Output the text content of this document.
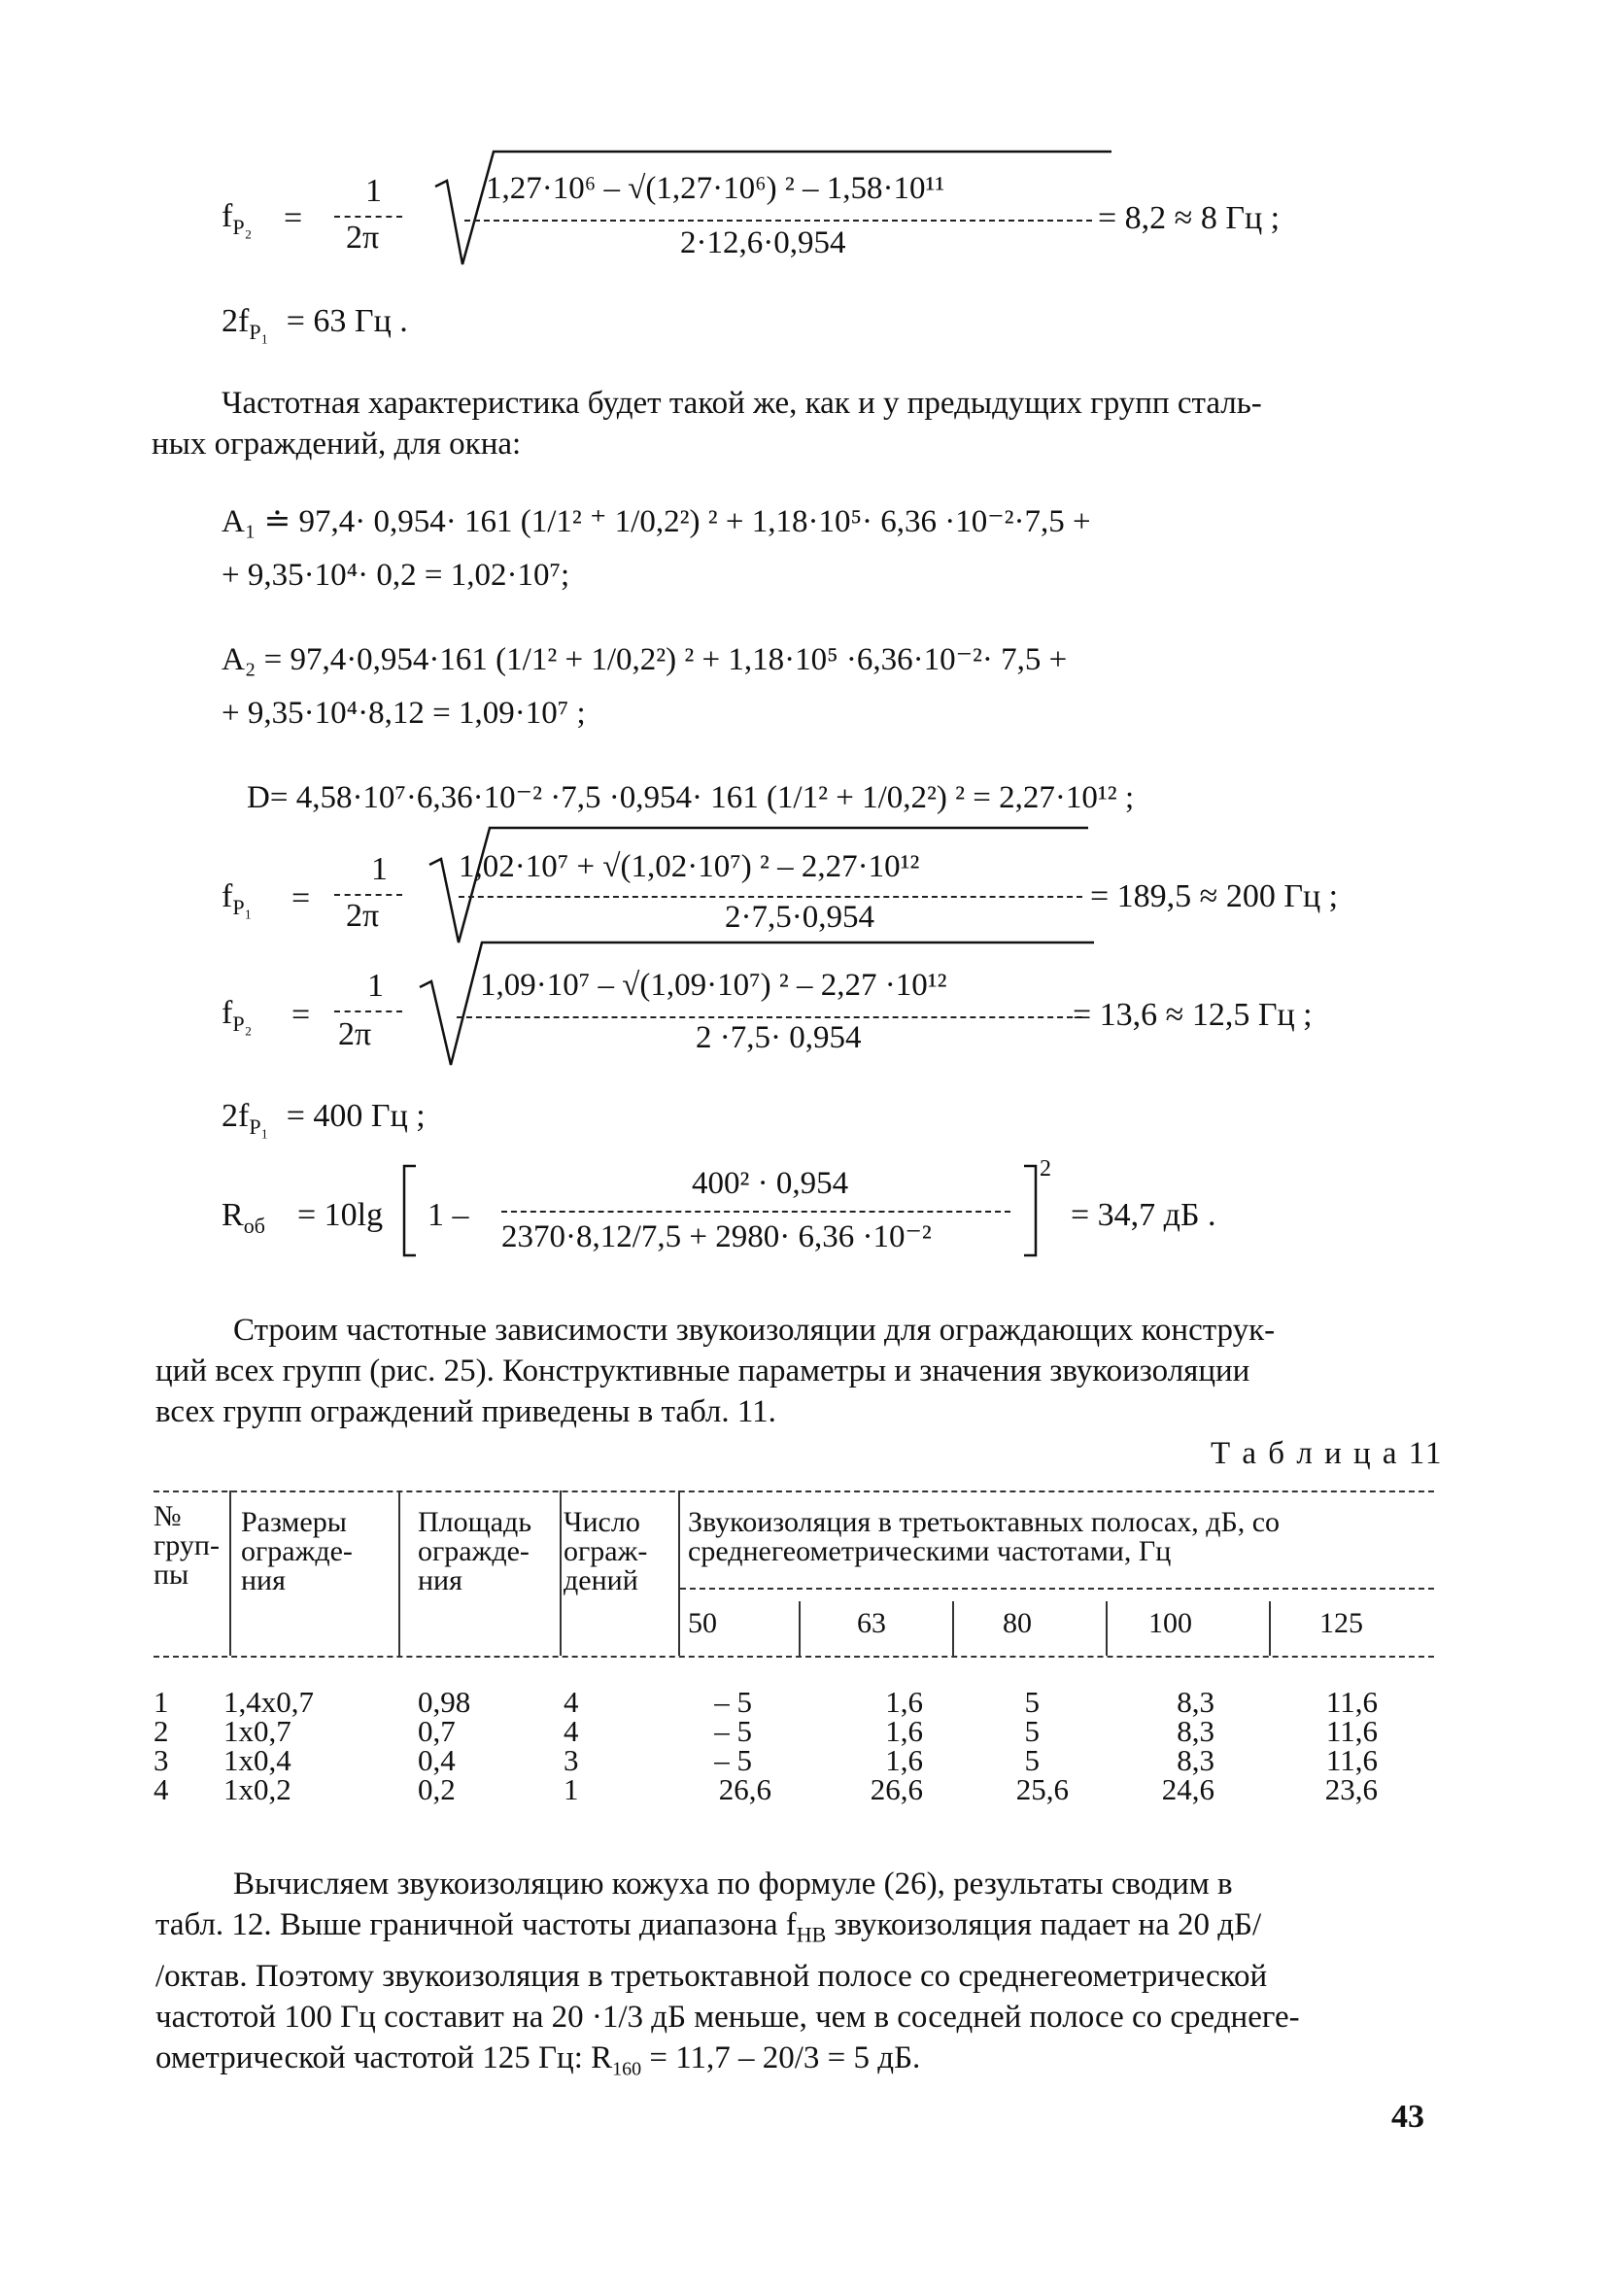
$f_{P_2}$ =
1
2π
1,27·10⁶ – √(1,27·10⁶) ² – 1,58·10¹¹
2·12,6·0,954
= 8,2 ≈ 8 Гц ;
$2f_{P_1} = 63$ Гц .
Частотная характеристика будет такой же, как и у предыдущих групп сталь-
ных ограждений, для окна:
A₁ ≐ 97,4· 0,954· 161 (1/1² ⁺ 1/0,2²) ² + 1,18·10⁵· 6,36 ·10⁻²·7,5 +
+ 9,35·10⁴· 0,2 = 1,02·10⁷;
A₂ = 97,4·0,954·161 (1/1² + 1/0,2²) ² + 1,18·10⁵ ·6,36·10⁻²· 7,5 +
+ 9,35·10⁴·8,12 = 1,09·10⁷ ;
D= 4,58·10⁷·6,36·10⁻² ·7,5 ·0,954· 161 (1/1² + 1/0,2²) ² = 2,27·10¹² ;
$f_{P_1}$ =
1
2π
1,02·10⁷ + √(1,02·10⁷) ² – 2,27·10¹²
2·7,5·0,954
= 189,5 ≈ 200 Гц ;
$f_{P_2}$ =
1
2π
1,09·10⁷ – √(1,09·10⁷) ² – 2,27 ·10¹²
2 ·7,5· 0,954
= 13,6 ≈ 12,5 Гц ;
$2f_{P_1} = 400$ Гц ;
$R_{об} = 10\lg$ 1 –
400² · 0,954
2370·8,12/7,5 + 2980· 6,36 ·10⁻²
2
= 34,7 дБ .
Строим частотные зависимости звукоизоляции для ограждающих конструк-
ций всех групп (рис. 25). Конструктивные параметры и значения звукоизоляции
всех групп ограждений приведены в табл. 11.
Т а б л и ц а 11
№
груп-
пы
Размеры
огражде-
ния
Площадь
огражде-
ния
Число
ограж-
дений
Звукоизоляция в третьоктавных полосах, дБ, со
среднегеометрическими частотами, Гц
50	63	80	100	125
1 1,4x0,7	0,98	4	– 5	1,6	5	8,3	11,6
2 1x0,7	0,7	4	– 5	1,6	5	8,3	11,6
3 1x0,4	0,4	3	– 5	1,6	5	8,3	11,6
4 1x0,2	0,2	1	26,6	26,6	25,6	24,6	23,6
Вычисляем звукоизоляцию кожуха по формуле (26), результаты сводим в
табл. 12. Выше граничной частоты диапазона $f_{НВ}$ звукоизоляция падает на 20 дБ/
/октав. Поэтому звукоизоляция в третьоктавной полосе со среднегеометрической
частотой 100 Гц составит на 20 ·1/3 дБ меньше, чем в соседней полосе со среднеге-
ометрической частотой 125 Гц: $R_{160} = 11,7 - 20/3 = 5$ дБ.
43
